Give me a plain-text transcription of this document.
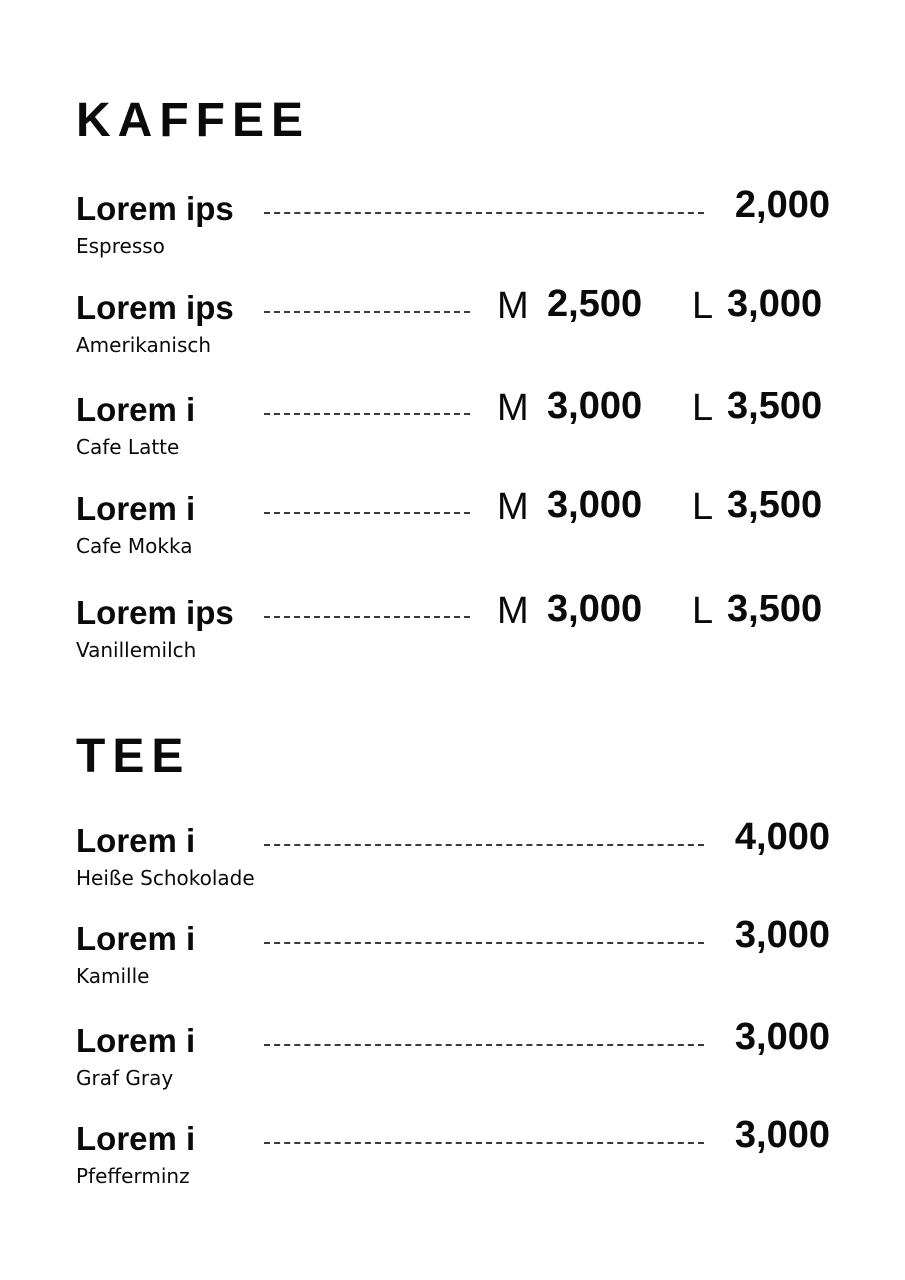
KAFFEE
Lorem ips
Espresso
2,000
Lorem ips
Amerikanisch
M 2,500 L 3,000
Lorem i
Cafe Latte
M 3,000 L 3,500
Lorem i
Cafe Mokka
M 3,000 L 3,500
Lorem ips
Vanillemilch
M 3,000 L 3,500
TEE
Lorem i
Heiße Schokolade
4,000
Lorem i
Kamille
3,000
Lorem i
Graf Gray
3,000
Lorem i
Pfefferminz
3,000
